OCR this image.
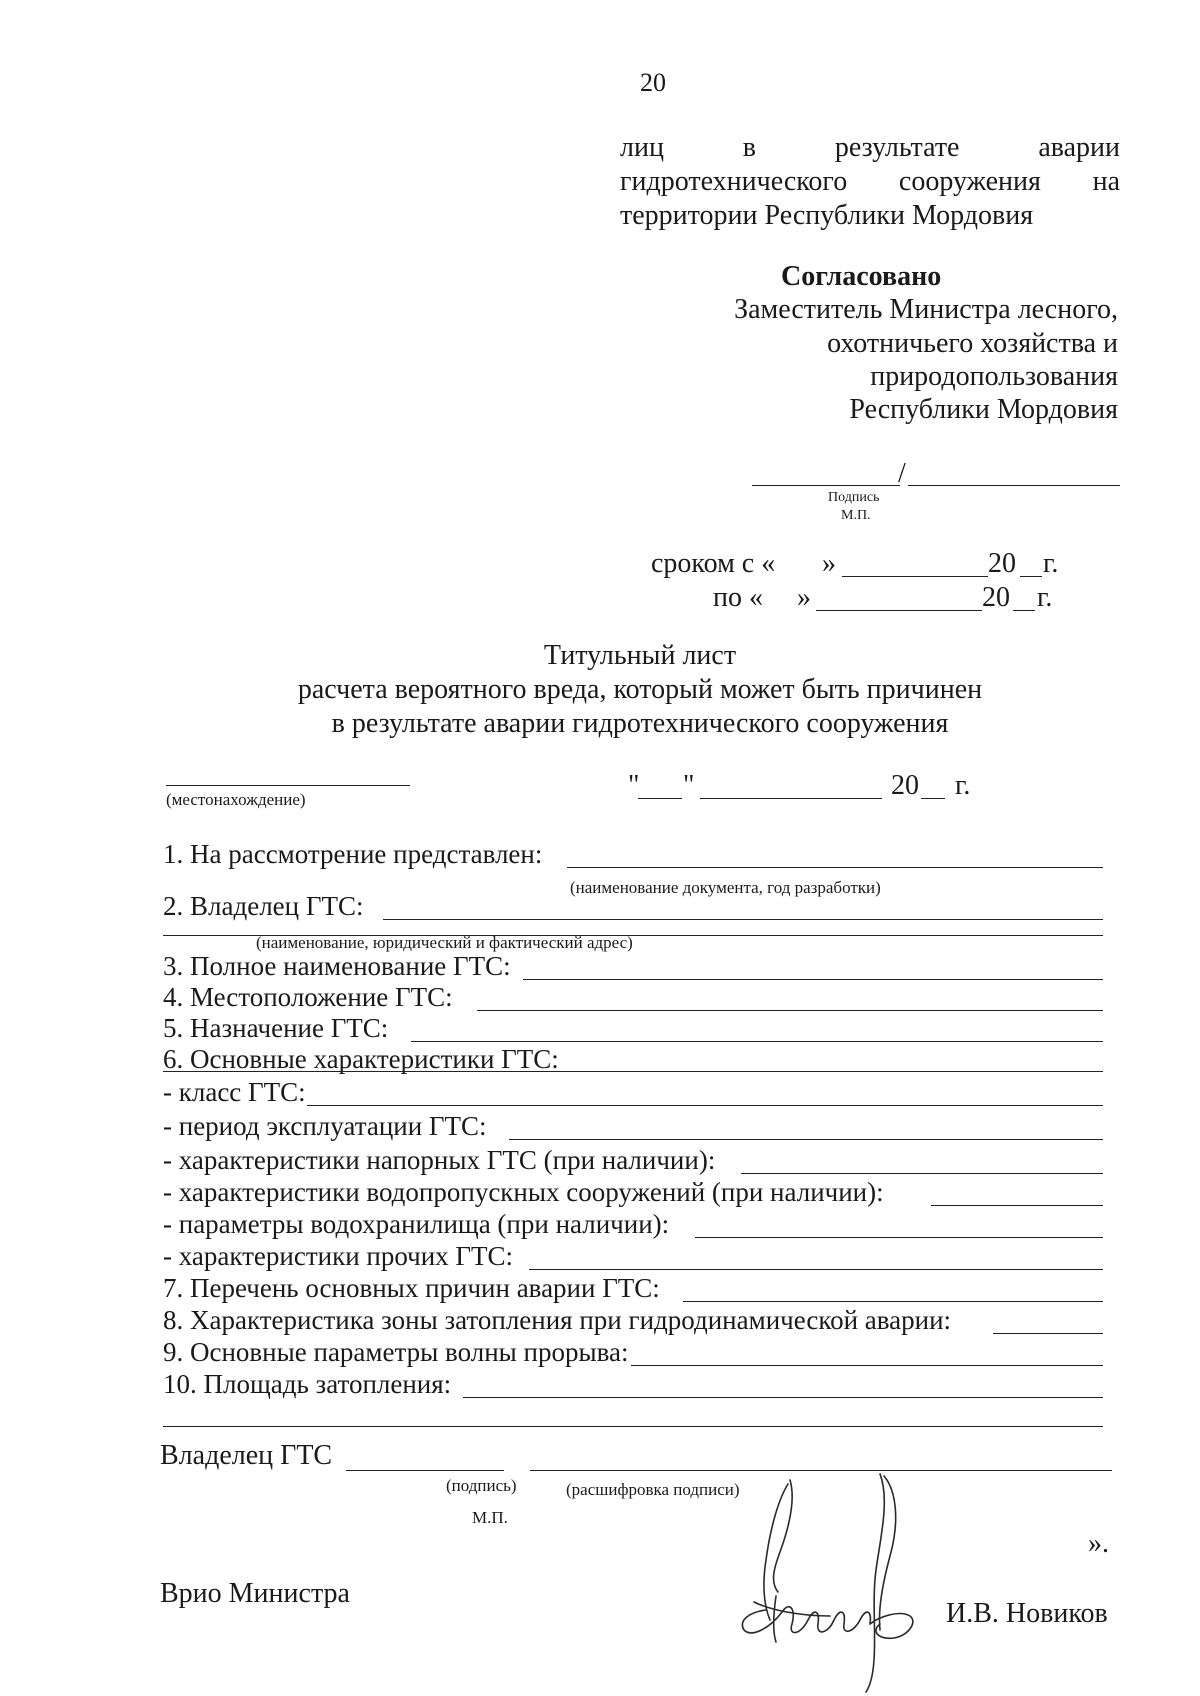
20
лиц	в	результате	аварии
гидротехнического сооружения на
территории Республики Мордовия
Согласовано
Заместитель Министра лесного,
охотничьего хозяйства и
природопользования
Республики Мордовия
/
Подпись
М.П.
сроком с « »	20 г.
по « »	20 г.
Титульный лист
расчета вероятного вреда, который может быть причинен
в результате аварии гидротехнического сооружения
(местонахождение)	" "	20 г.
1. На рассмотрение представлен:
(наименование документа, год разработки)
2. Владелец ГТС:
(наименование, юридический и фактический адрес)
3. Полное наименование ГТС:
4. Местоположение ГТС:
5. Назначение ГТС:
6. Основные характеристики ГТС:
- класс ГТС:
- период эксплуатации ГТС:
- характеристики напорных ГТС (при наличии):
- характеристики водопропускных сооружений (при наличии):
- параметры водохранилища (при наличии):
- характеристики прочих ГТС:
7. Перечень основных причин аварии ГТС:
8. Характеристика зоны затопления при гидродинамической аварии:
9. Основные параметры волны прорыва:
10. Площадь затопления:
Владелец ГТС
(подпись)	(расшифровка подписи)
М.П.
».
Врио Министра
И.В. Новиков
